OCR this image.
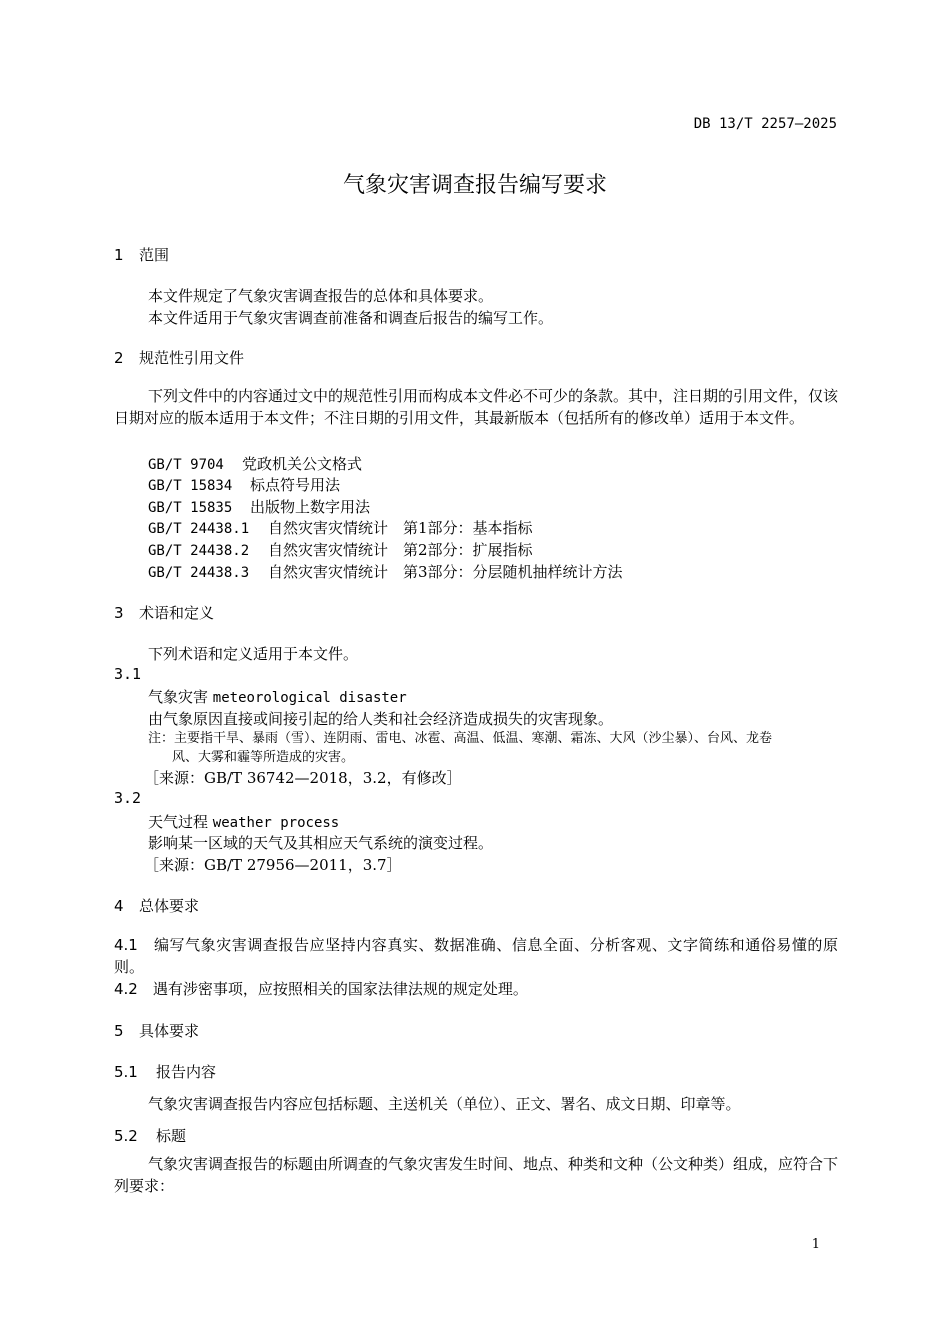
DB 13/T 2257—2025
气象灾害调查报告编写要求
1 范围
本文件规定了气象灾害调查报告的总体和具体要求。
本文件适用于气象灾害调查前准备和调查后报告的编写工作。
2 规范性引用文件
下列文件中的内容通过文中的规范性引用而构成本文件必不可少的条款。其中，注日期的引用文件，仅该日期对应的版本适用于本文件；不注日期的引用文件，其最新版本（包括所有的修改单）适用于本文件。
GB/T 9704 党政机关公文格式
GB/T 15834 标点符号用法
GB/T 15835 出版物上数字用法
GB/T 24438.1 自然灾害灾情统计　第1部分：基本指标
GB/T 24438.2 自然灾害灾情统计　第2部分：扩展指标
GB/T 24438.3 自然灾害灾情统计　第3部分：分层随机抽样统计方法
3 术语和定义
下列术语和定义适用于本文件。
3.1
气象灾害 meteorological disaster
由气象原因直接或间接引起的给人类和社会经济造成损失的灾害现象。
注：主要指干旱、暴雨（雪）、连阴雨、雷电、冰雹、高温、低温、寒潮、霜冻、大风（沙尘暴）、台风、龙卷
风、大雾和霾等所造成的灾害。
［来源：GB/T 36742—2018，3.2，有修改］
3.2
天气过程 weather process
影响某一区域的天气及其相应天气系统的演变过程。
［来源：GB/T 27956—2011，3.7］
4 总体要求
4.1　 编写气象灾害调查报告应坚持内容真实、数据准确、信息全面、分析客观、文字简练和通俗易懂的原则。
4.2　 遇有涉密事项，应按照相关的国家法律法规的规定处理。
5 具体要求
5.1 报告内容
气象灾害调查报告内容应包括标题、主送机关（单位）、正文、署名、成文日期、印章等。
5.2 标题
气象灾害调查报告的标题由所调查的气象灾害发生时间、地点、种类和文种（公文种类）组成，应符合下列要求：
1
